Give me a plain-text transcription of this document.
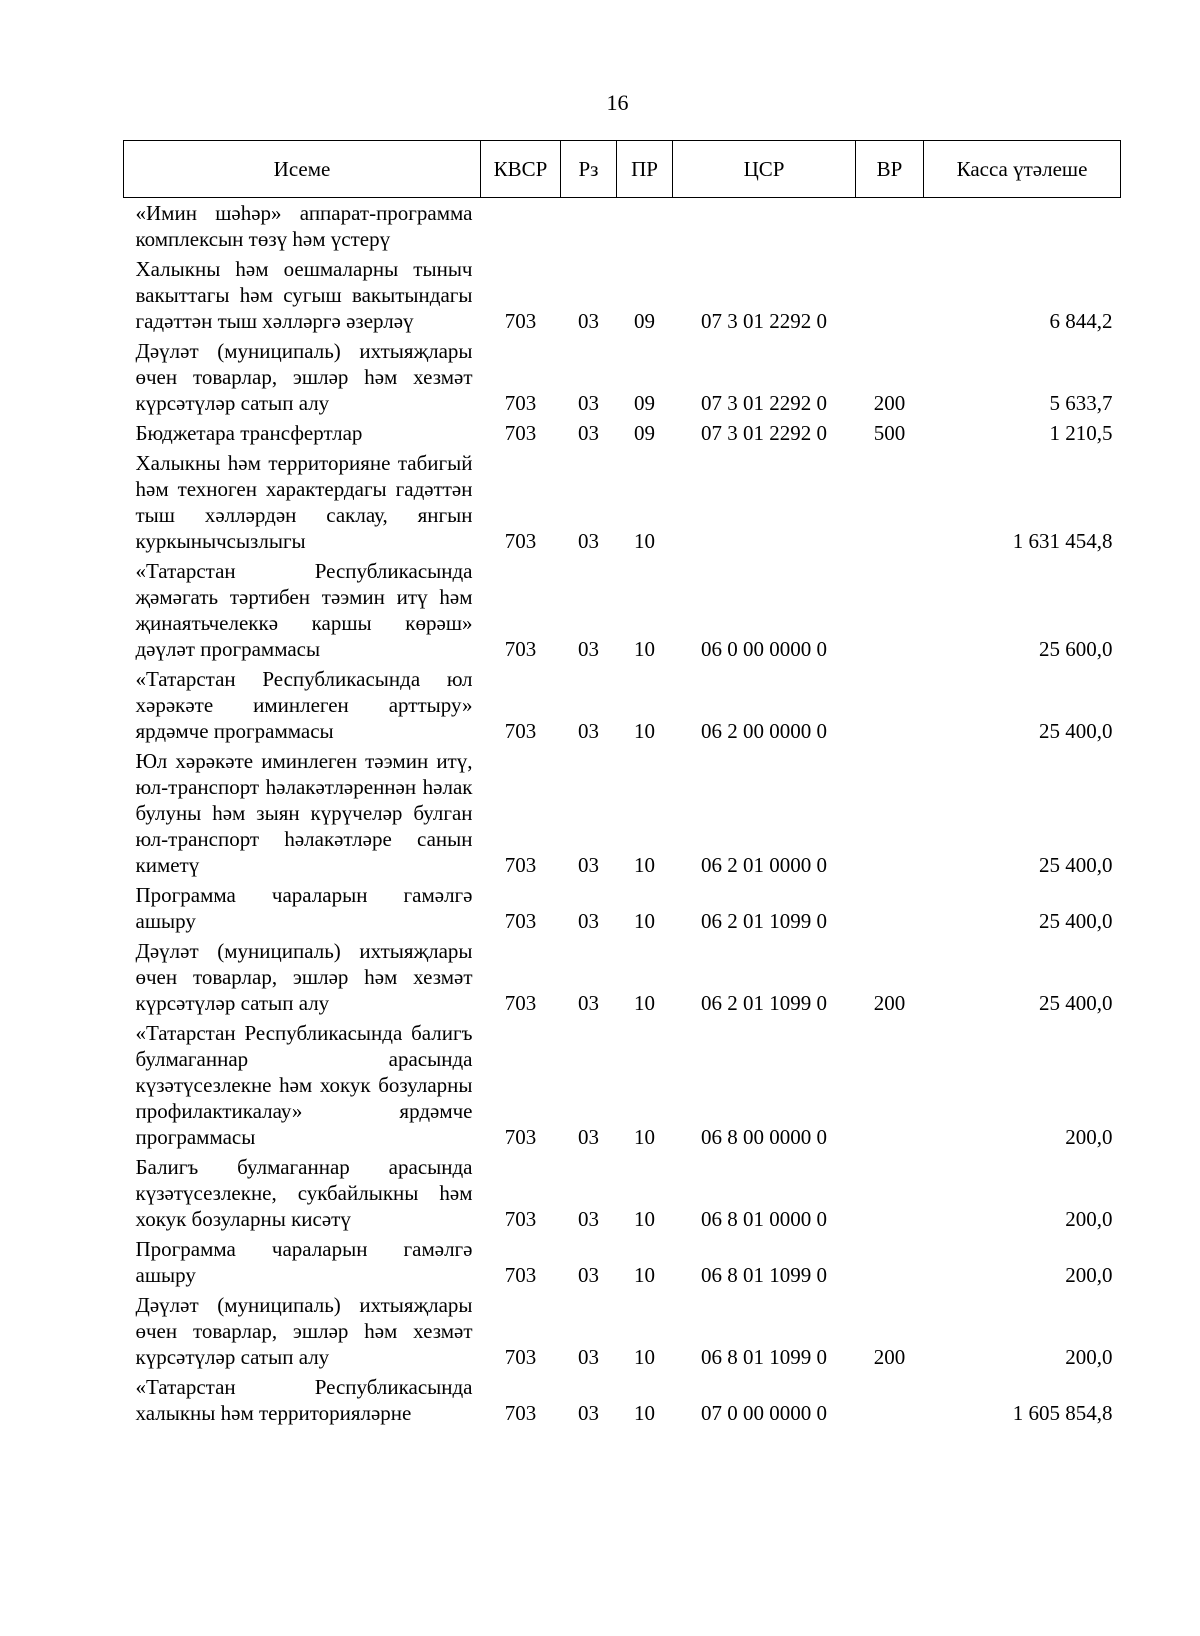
16
Исеме	КВСР	Рз	ПР	ЦСР	ВР	Касса үтәлеше
«Имин шәһәр» аппарат-программа комплексын төзү һәм үстерү						
Халыкны һәм оешмаларны тыныч вакыттагы һәм сугыш вакытындагы гадәттән тыш хәлләргә әзерләү	703	03	09	07 3 01 2292 0		6 844,2
Дәүләт (муниципаль) ихтыяҗлары өчен товарлар, эшләр һәм хезмәт күрсәтүләр сатып алу	703	03	09	07 3 01 2292 0	200	5 633,7
Бюджетара трансфертлар	703	03	09	07 3 01 2292 0	500	1 210,5
Халыкны һәм территорияне табигый һәм техноген характердагы гадәттән тыш хәлләрдән саклау, янгын куркынычсызлыгы	703	03	10			1 631 454,8
«Татарстан Республикасында җәмәгать тәртибен тәэмин итү һәм җинаятьчелеккә каршы көрәш» дәүләт программасы	703	03	10	06 0 00 0000 0		25 600,0
«Татарстан Республикасында юл хәрәкәте иминлеген арттыру» ярдәмче программасы	703	03	10	06 2 00 0000 0		25 400,0
Юл хәрәкәте иминлеген тәэмин итү, юл-транспорт һәлакәтләреннән һәлак булуны һәм зыян күрүчеләр булган юл-транспорт һәлакәтләре санын киметү	703	03	10	06 2 01 0000 0		25 400,0
Программа чараларын гамәлгә ашыру	703	03	10	06 2 01 1099 0		25 400,0
Дәүләт (муниципаль) ихтыяҗлары өчен товарлар, эшләр һәм хезмәт күрсәтүләр сатып алу	703	03	10	06 2 01 1099 0	200	25 400,0
«Татарстан Республикасында балигъ булмаганнар арасында күзәтүсезлекне һәм хокук бозуларны профилактикалау» ярдәмче программасы	703	03	10	06 8 00 0000 0		200,0
Балигъ булмаганнар арасында күзәтүсезлекне, сукбайлыкны һәм хокук бозуларны кисәтү	703	03	10	06 8 01 0000 0		200,0
Программа чараларын гамәлгә ашыру	703	03	10	06 8 01 1099 0		200,0
Дәүләт (муниципаль) ихтыяҗлары өчен товарлар, эшләр һәм хезмәт күрсәтүләр сатып алу	703	03	10	06 8 01 1099 0	200	200,0
«Татарстан Республикасында халыкны һәм территорияләрне	703	03	10	07 0 00 0000 0		1 605 854,8
